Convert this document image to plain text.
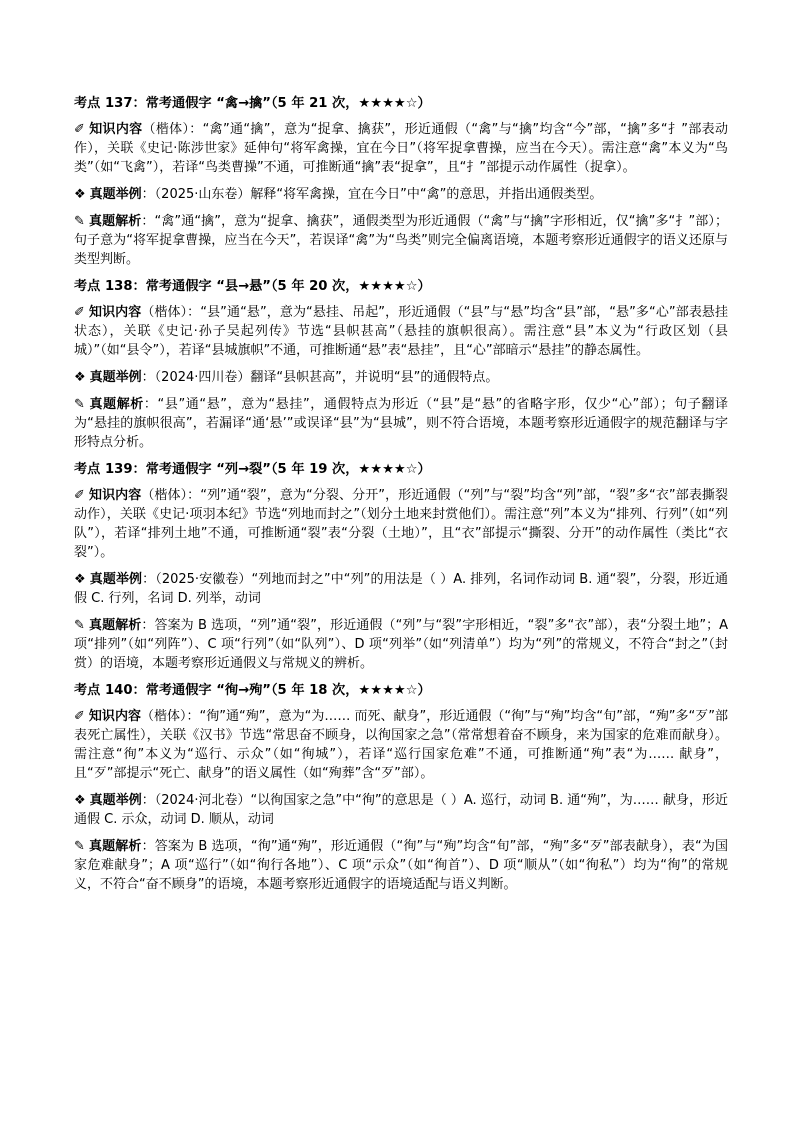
考点 137：常考通假字 “禽→擒”（5 年 21 次，★★★★☆）

✐ 知识内容（楷体）：“禽”通“擒”，意为“捉拿、擒获”，形近通假（“禽”与“擒”均含“今”部，“擒”多“扌”部表动作），关联《史记·陈涉世家》延伸句“将军禽操，宜在今日”（将军捉拿曹操，应当在今天）。需注意“禽”本义为“鸟类”（如“飞禽”），若译“鸟类曹操”不通，可推断通“擒”表“捉拿”，且“扌”部提示动作属性（捉拿）。

❖ 真题举例：（2025·山东卷）解释“将军禽操，宜在今日”中“禽”的意思，并指出通假类型。

✎ 真题解析：“禽”通“擒”，意为“捉拿、擒获”，通假类型为形近通假（“禽”与“擒”字形相近，仅“擒”多“扌”部）；句子意为“将军捉拿曹操，应当在今天”，若误译“禽”为“鸟类”则完全偏离语境，本题考察形近通假字的语义还原与类型判断。

考点 138：常考通假字 “县→悬”（5 年 20 次，★★★★☆）

✐ 知识内容（楷体）：“县”通“悬”，意为“悬挂、吊起”，形近通假（“县”与“悬”均含“县”部，“悬”多“心”部表悬挂状态），关联《史记·孙子吴起列传》节选“县帜甚高”（悬挂的旗帜很高）。需注意“县”本义为“行政区划（县城）”（如“县令”），若译“县城旗帜”不通，可推断通“悬”表“悬挂”，且“心”部暗示“悬挂”的静态属性。

❖ 真题举例：（2024·四川卷）翻译“县帜甚高”，并说明“县”的通假特点。

✎ 真题解析：“县”通“悬”，意为“悬挂”，通假特点为形近（“县”是“悬”的省略字形，仅少“心”部）；句子翻译为“悬挂的旗帜很高”，若漏译“通‘悬’”或误译“县”为“县城”，则不符合语境，本题考察形近通假字的规范翻译与字形特点分析。

考点 139：常考通假字 “列→裂”（5 年 19 次，★★★★☆）

✐ 知识内容（楷体）：“列”通“裂”，意为“分裂、分开”，形近通假（“列”与“裂”均含“列”部，“裂”多“衣”部表撕裂动作），关联《史记·项羽本纪》节选“列地而封之”（划分土地来封赏他们）。需注意“列”本义为“排列、行列”（如“列队”），若译“排列土地”不通，可推断通“裂”表“分裂（土地）”，且“衣”部提示“撕裂、分开”的动作属性（类比“衣裂”）。

❖ 真题举例：（2025·安徽卷）“列地而封之”中“列”的用法是（ ）A. 排列，名词作动词 B. 通“裂”，分裂，形近通假 C. 行列，名词 D. 列举，动词

✎ 真题解析：答案为 B 选项，“列”通“裂”，形近通假（“列”与“裂”字形相近，“裂”多“衣”部），表“分裂土地”；A 项“排列”（如“列阵”）、C 项“行列”（如“队列”）、D 项“列举”（如“列清单”）均为“列”的常规义，不符合“封之”（封赏）的语境，本题考察形近通假义与常规义的辨析。

考点 140：常考通假字 “徇→殉”（5 年 18 次，★★★★☆）

✐ 知识内容（楷体）：“徇”通“殉”，意为“为…… 而死、献身”，形近通假（“徇”与“殉”均含“旬”部，“殉”多“歹”部表死亡属性），关联《汉书》节选“常思奋不顾身，以徇国家之急”（常常想着奋不顾身，来为国家的危难而献身）。需注意“徇”本义为“巡行、示众”（如“徇城”），若译“巡行国家危难”不通，可推断通“殉”表“为…… 献身”，且“歹”部提示“死亡、献身”的语义属性（如“殉葬”含“歹”部）。

❖ 真题举例：（2024·河北卷）“以徇国家之急”中“徇”的意思是（ ）A. 巡行，动词 B. 通“殉”，为…… 献身，形近通假 C. 示众，动词 D. 顺从，动词

✎ 真题解析：答案为 B 选项，“徇”通“殉”，形近通假（“徇”与“殉”均含“旬”部，“殉”多“歹”部表献身），表“为国家危难献身”；A 项“巡行”（如“徇行各地”）、C 项“示众”（如“徇首”）、D 项“顺从”（如“徇私”）均为“徇”的常规义，不符合“奋不顾身”的语境，本题考察形近通假字的语境适配与语义判断。
